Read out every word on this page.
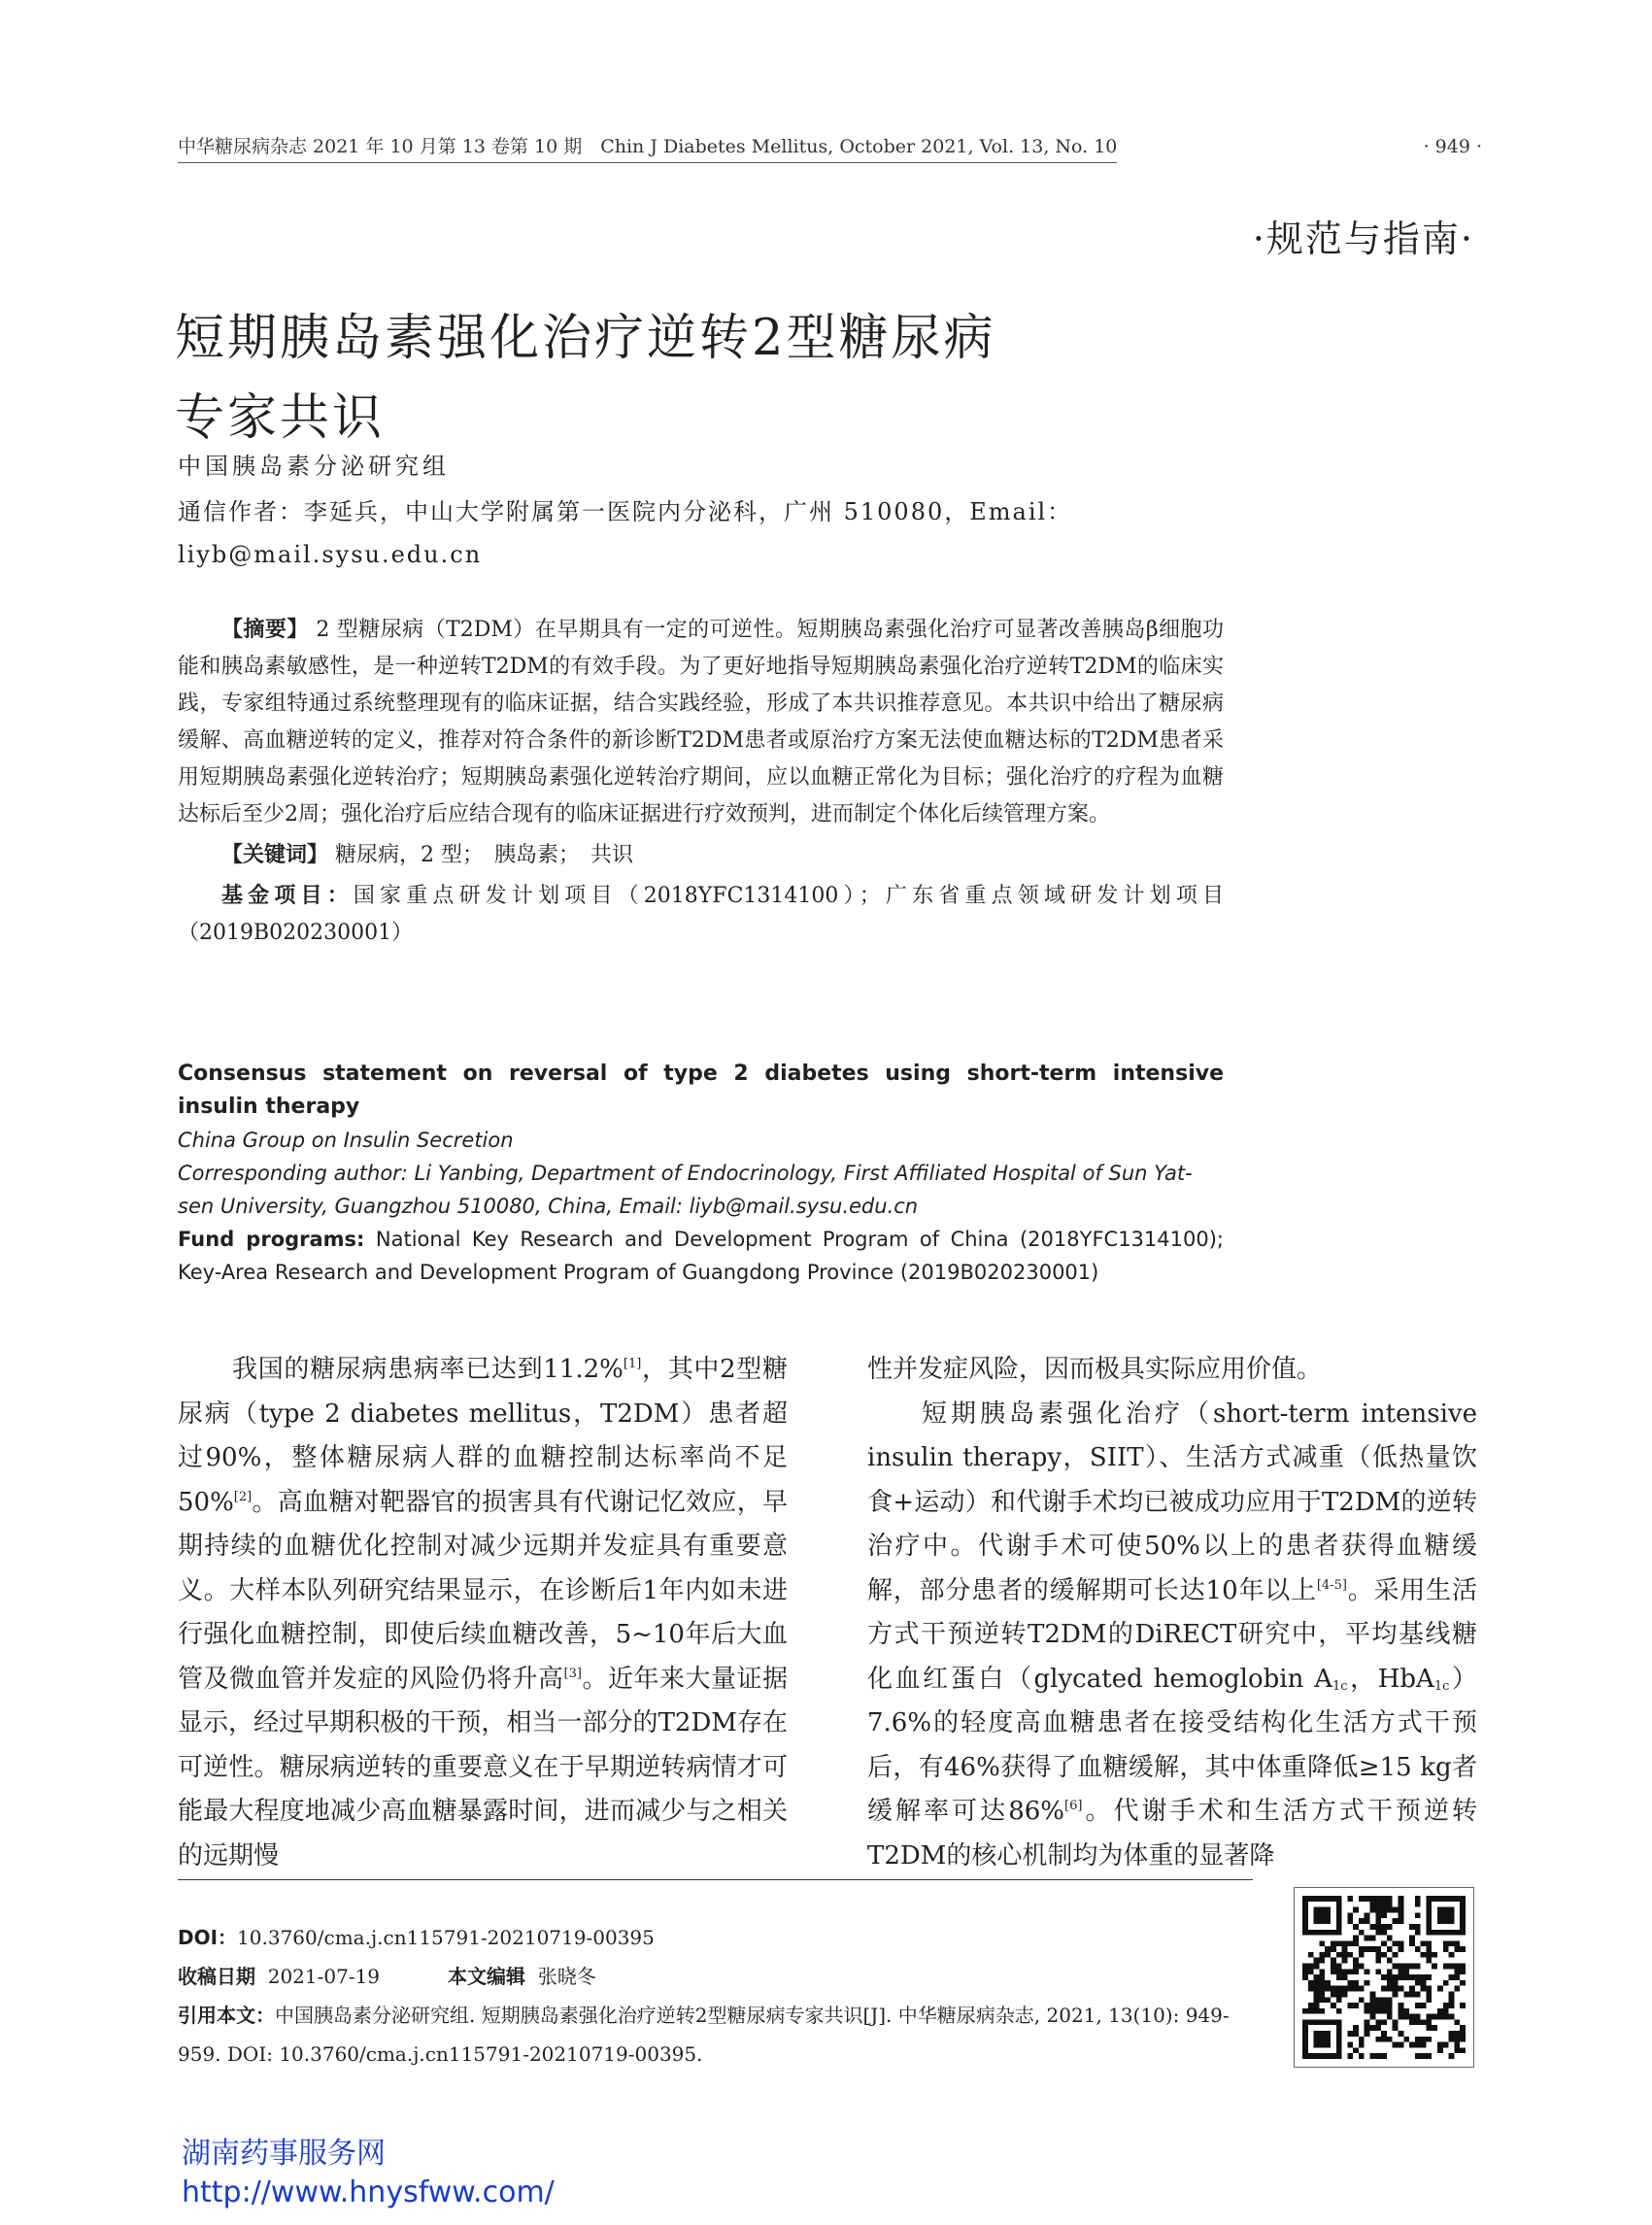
中华糖尿病杂志 2021 年 10 月第 13 卷第 10 期　Chin J Diabetes Mellitus, October 2021, Vol. 13, No. 10	· 949 ·
·规范与指南·
短期胰岛素强化治疗逆转2型糖尿病
专家共识
中国胰岛素分泌研究组
通信作者：李延兵，中山大学附属第一医院内分泌科，广州 510080，Email：liyb@mail.sysu.edu.cn

【摘要】 2 型糖尿病（T2DM）在早期具有一定的可逆性。短期胰岛素强化治疗可显著改善胰岛β细胞功能和胰岛素敏感性，是一种逆转T2DM的有效手段。为了更好地指导短期胰岛素强化治疗逆转T2DM的临床实践，专家组特通过系统整理现有的临床证据，结合实践经验，形成了本共识推荐意见。本共识中给出了糖尿病缓解、高血糖逆转的定义，推荐对符合条件的新诊断T2DM患者或原治疗方案无法使血糖达标的T2DM患者采用短期胰岛素强化逆转治疗；短期胰岛素强化逆转治疗期间，应以血糖正常化为目标；强化治疗的疗程为血糖达标后至少2周；强化治疗后应结合现有的临床证据进行疗效预判，进而制定个体化后续管理方案。

【关键词】 糖尿病，2 型；　胰岛素；　共识

基金项目：国家重点研发计划项目（2018YFC1314100）；广东省重点领域研发计划项目（2019B020230001）

Consensus statement on reversal of type 2 diabetes using short-term intensive insulin therapy

China Group on Insulin Secretion

Corresponding author: Li Yanbing, Department of Endocrinology, First Affiliated Hospital of Sun Yat-sen University, Guangzhou 510080, China, Email: liyb@mail.sysu.edu.cn

Fund programs: National Key Research and Development Program of China (2018YFC1314100); Key-Area Research and Development Program of Guangdong Province (2019B020230001)

我国的糖尿病患病率已达到11.2%[1]，其中2型糖尿病（type 2 diabetes mellitus，T2DM）患者超过90%，整体糖尿病人群的血糖控制达标率尚不足50%[2]。高血糖对靶器官的损害具有代谢记忆效应，早期持续的血糖优化控制对减少远期并发症具有重要意义。大样本队列研究结果显示，在诊断后1年内如未进行强化血糖控制，即使后续血糖改善，5~10年后大血管及微血管并发症的风险仍将升高[3]。近年来大量证据显示，经过早期积极的干预，相当一部分的T2DM存在可逆性。糖尿病逆转的重要意义在于早期逆转病情才可能最大程度地减少高血糖暴露时间，进而减少与之相关的远期慢

性并发症风险，因而极具实际应用价值。

短期胰岛素强化治疗（short-term intensive insulin therapy，SIIT）、生活方式减重（低热量饮食+运动）和代谢手术均已被成功应用于T2DM的逆转治疗中。代谢手术可使50%以上的患者获得血糖缓解，部分患者的缓解期可长达10年以上[4-5]。采用生活方式干预逆转T2DM的DiRECT研究中，平均基线糖化血红蛋白（glycated hemoglobin $A_{1c}$，HbA$_{1c}$）7.6%的轻度高血糖患者在接受结构化生活方式干预后，有46%获得了血糖缓解，其中体重降低≥15 kg者缓解率可达86%[6]。代谢手术和生活方式干预逆转T2DM的核心机制均为体重的显著降

DOI：10.3760/cma.j.cn115791-20210719-00395

收稿日期 2021-07-19	本文编辑 张晓冬

引用本文：中国胰岛素分泌研究组. 短期胰岛素强化治疗逆转2型糖尿病专家共识[J]. 中华糖尿病杂志, 2021, 13(10): 949-959. DOI: 10.3760/cma.j.cn115791-20210719-00395.

湖南药事服务网
http://www.hnysfww.com/
